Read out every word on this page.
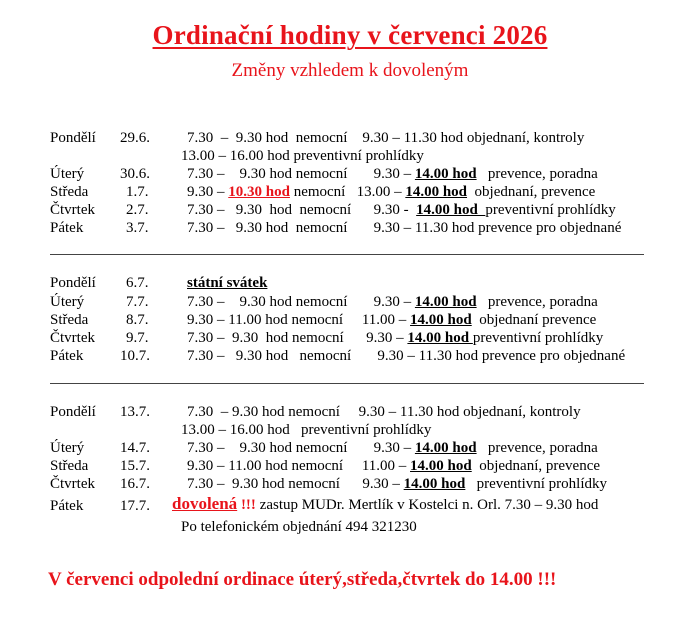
Ordinační hodiny v červenci 2026
Změny vzhledem k dovoleným
Pondělí 29.6. 7.30  –  9.30 hod  nemocní    9.30 – 11.30 hod objednaní, kontroly
13.00 – 16.00 hod preventivní prohlídky
Úterý 30.6. 7.30 –    9.30 hod nemocní       9.30 – 14.00 hod   prevence, poradna
Středa	1.7.	9.30 – 10.30 hod nemocní   13.00 – 14.00 hod  objednaní, prevence
Čtvrtek 2.7.	7.30 –   9.30  hod  nemocní      9.30 -  14.00 hod  preventivní prohlídky
Pátek	3.7.	7.30 –   9.30 hod  nemocní       9.30 – 11.30 hod prevence pro objednané
Pondělí 6.7.	státní svátek
Úterý	7.7.	7.30 –    9.30 hod nemocní       9.30 – 14.00 hod   prevence, poradna
Středa	8.7.	9.30 – 11.00 hod nemocní     11.00 – 14.00 hod  objednaní prevence
Čtvrtek 9.7.	7.30 –  9.30  hod nemocní      9.30 – 14.00 hod preventivní prohlídky
Pátek 10.7. 7.30 –   9.30 hod   nemocní       9.30 – 11.30 hod prevence pro objednané
Pondělí 13.7. 7.30  – 9.30 hod nemocní     9.30 – 11.30 hod objednaní, kontroly
13.00 – 16.00 hod   preventivní prohlídky
Úterý 14.7. 7.30 –    9.30 hod nemocní       9.30 – 14.00 hod   prevence, poradna
Středa 15.7. 9.30 – 11.00 hod nemocní     11.00 – 14.00 hod  objednaní, prevence
Čtvrtek 16.7. 7.30 –  9.30 hod nemocní      9.30 – 14.00 hod   preventivní prohlídky
Pátek 17.7. dovolená !!! zastup MUDr. Mertlík v Kostelci n. Orl. 7.30 – 9.30 hod
Po telefonickém objednání 494 321230
V červenci odpolední ordinace úterý,středa,čtvrtek do 14.00 !!!
